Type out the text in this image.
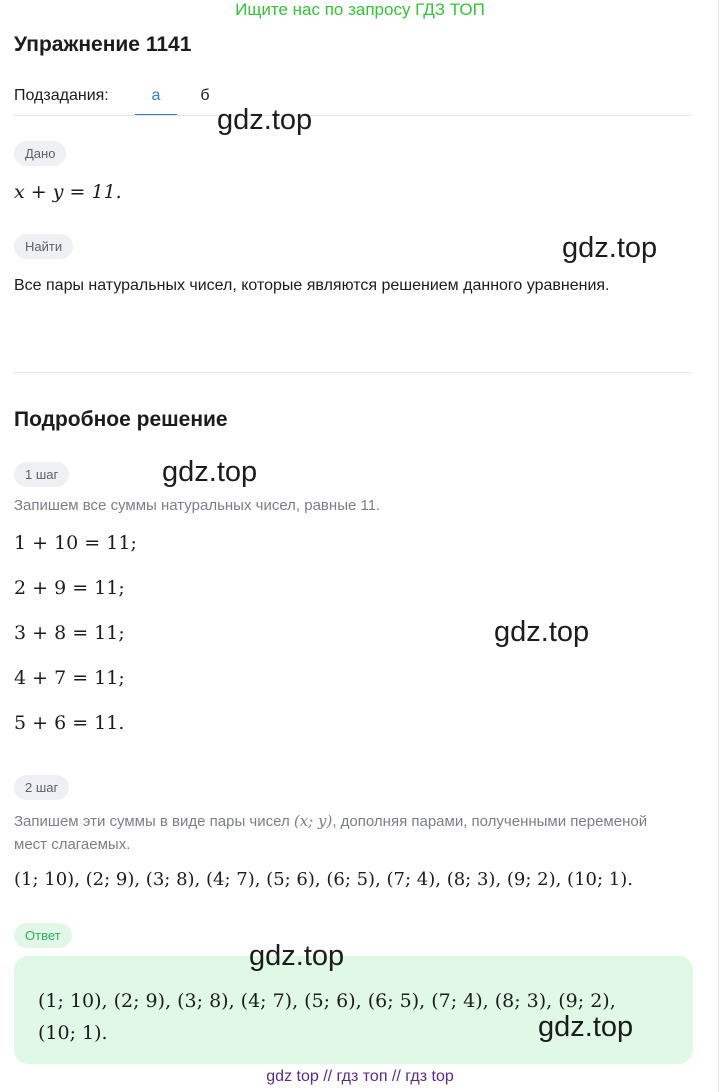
Ищите нас по запросу ГДЗ ТОП
Упражнение 1141
Подзадания:	а	б
Дано
x + y = 11.
Найти
Все пары натуральных чисел, которые являются решением данного уравнения.
Подробное решение
1 шаг
Запишем все суммы натуральных чисел, равные 11.
1 + 10 = 11;
2 + 9 = 11;
3 + 8 = 11;
4 + 7 = 11;
5 + 6 = 11.
2 шаг
Запишем эти суммы в виде пары чисел (x; y), дополняя парами, полученными переменой мест слагаемых.
(1; 10), (2; 9), (3; 8), (4; 7), (5; 6), (6; 5), (7; 4), (8; 3), (9; 2), (10; 1).
Ответ
(1; 10), (2; 9), (3; 8), (4; 7), (5; 6), (6; 5), (7; 4), (8; 3), (9; 2), (10; 1).
gdz.top
gdz.top
gdz.top
gdz.top
gdz.top
gdz.top
gdz top // гдз топ // гдз top
